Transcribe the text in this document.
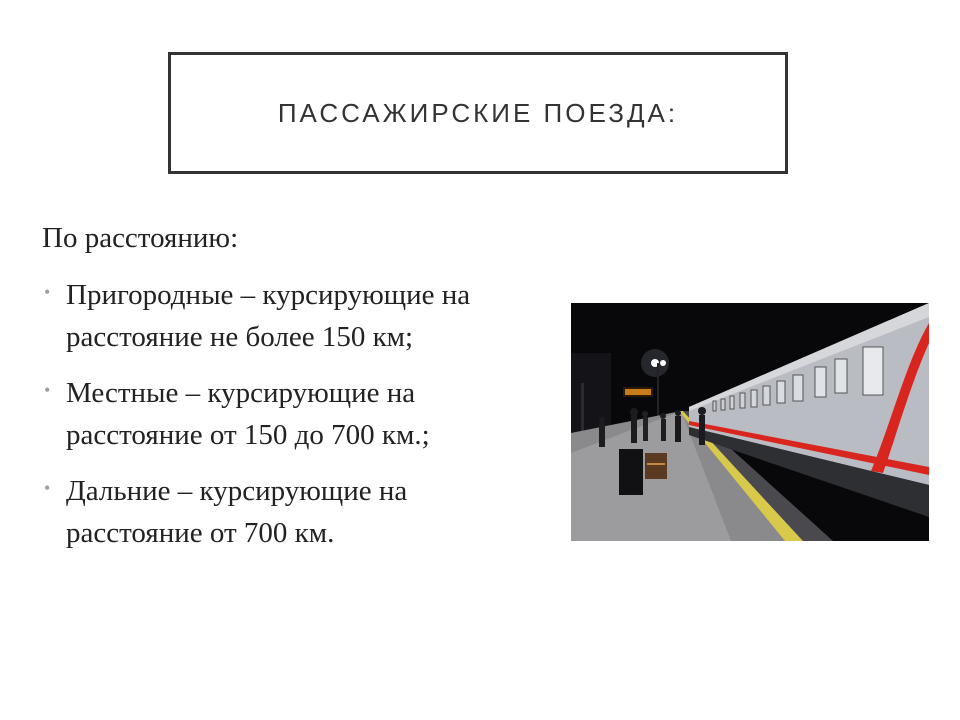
ПАССАЖИРСКИЕ ПОЕЗДА:
По расстоянию:
• Пригородные – курсирующие на расстояние не более 150 км;
• Местные – курсирующие на расстояние от 150 до 700 км.;
• Дальние – курсирующие на расстояние от 700 км.
